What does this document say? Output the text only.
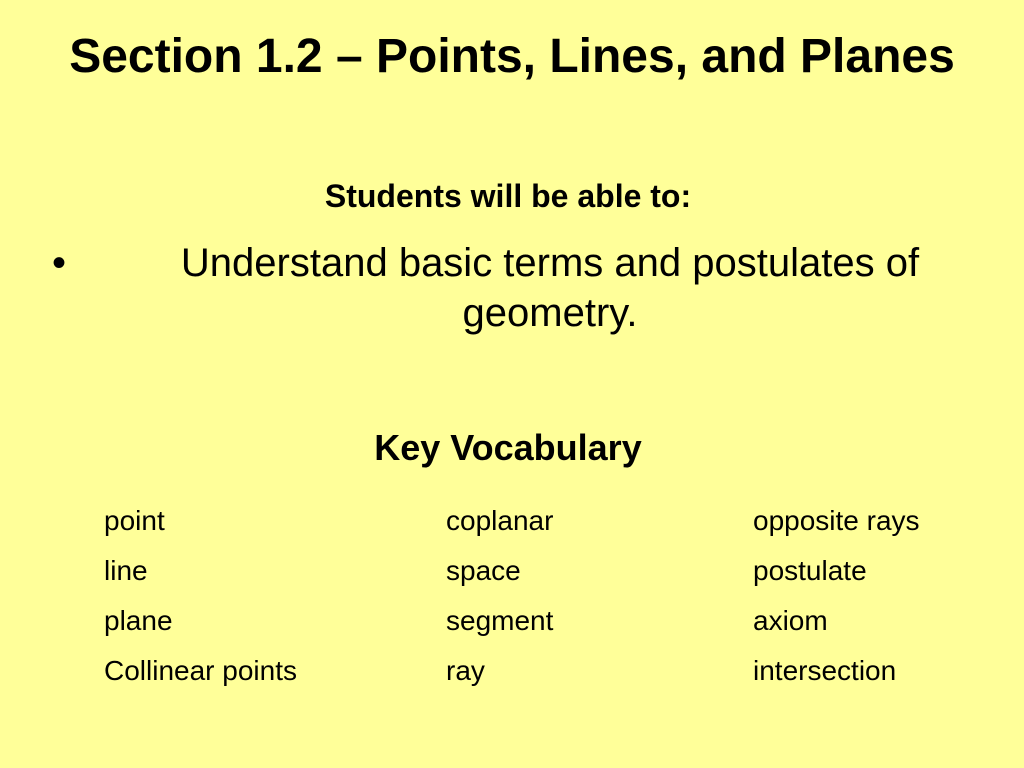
Section 1.2 – Points, Lines, and Planes
Students will be able to:
•	Understand basic terms and postulates of geometry.
Key Vocabulary
point	coplanar	opposite rays
line	space	postulate
plane	segment	axiom
Collinear points	ray	intersection
